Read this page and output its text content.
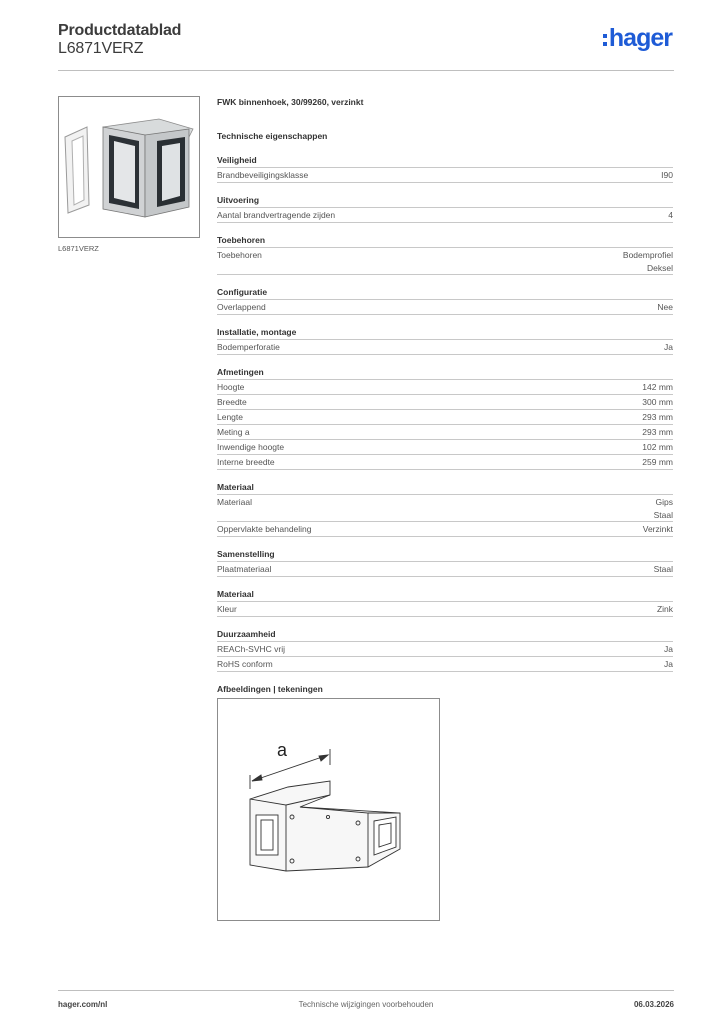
Productdatablad
L6871VERZ	hager
L6871VERZ
FWK binnenhoek, 30/99260, verzinkt
Technische eigenschappen
Veiligheid
Brandbeveiligingsklasse	I90
Uitvoering
Aantal brandvertragende zijden	4
Toebehoren
Toebehoren	Bodemprofiel
Deksel
Configuratie
Overlappend	Nee
Installatie, montage
Bodemperforatie	Ja
Afmetingen
Hoogte	142 mm
Breedte	300 mm
Lengte	293 mm
Meting a	293 mm
Inwendige hoogte	102 mm
Interne breedte	259 mm
Materiaal
Materiaal	Gips
Staal
Oppervlakte behandeling	Verzinkt
Samenstelling
Plaatmateriaal	Staal
Materiaal
Kleur	Zink
Duurzaamheid
REACh-SVHC vrij	Ja
RoHS conform	Ja
Afbeeldingen | tekeningen
a
hager.com/nl	Technische wijzigingen voorbehouden	06.03.2026
